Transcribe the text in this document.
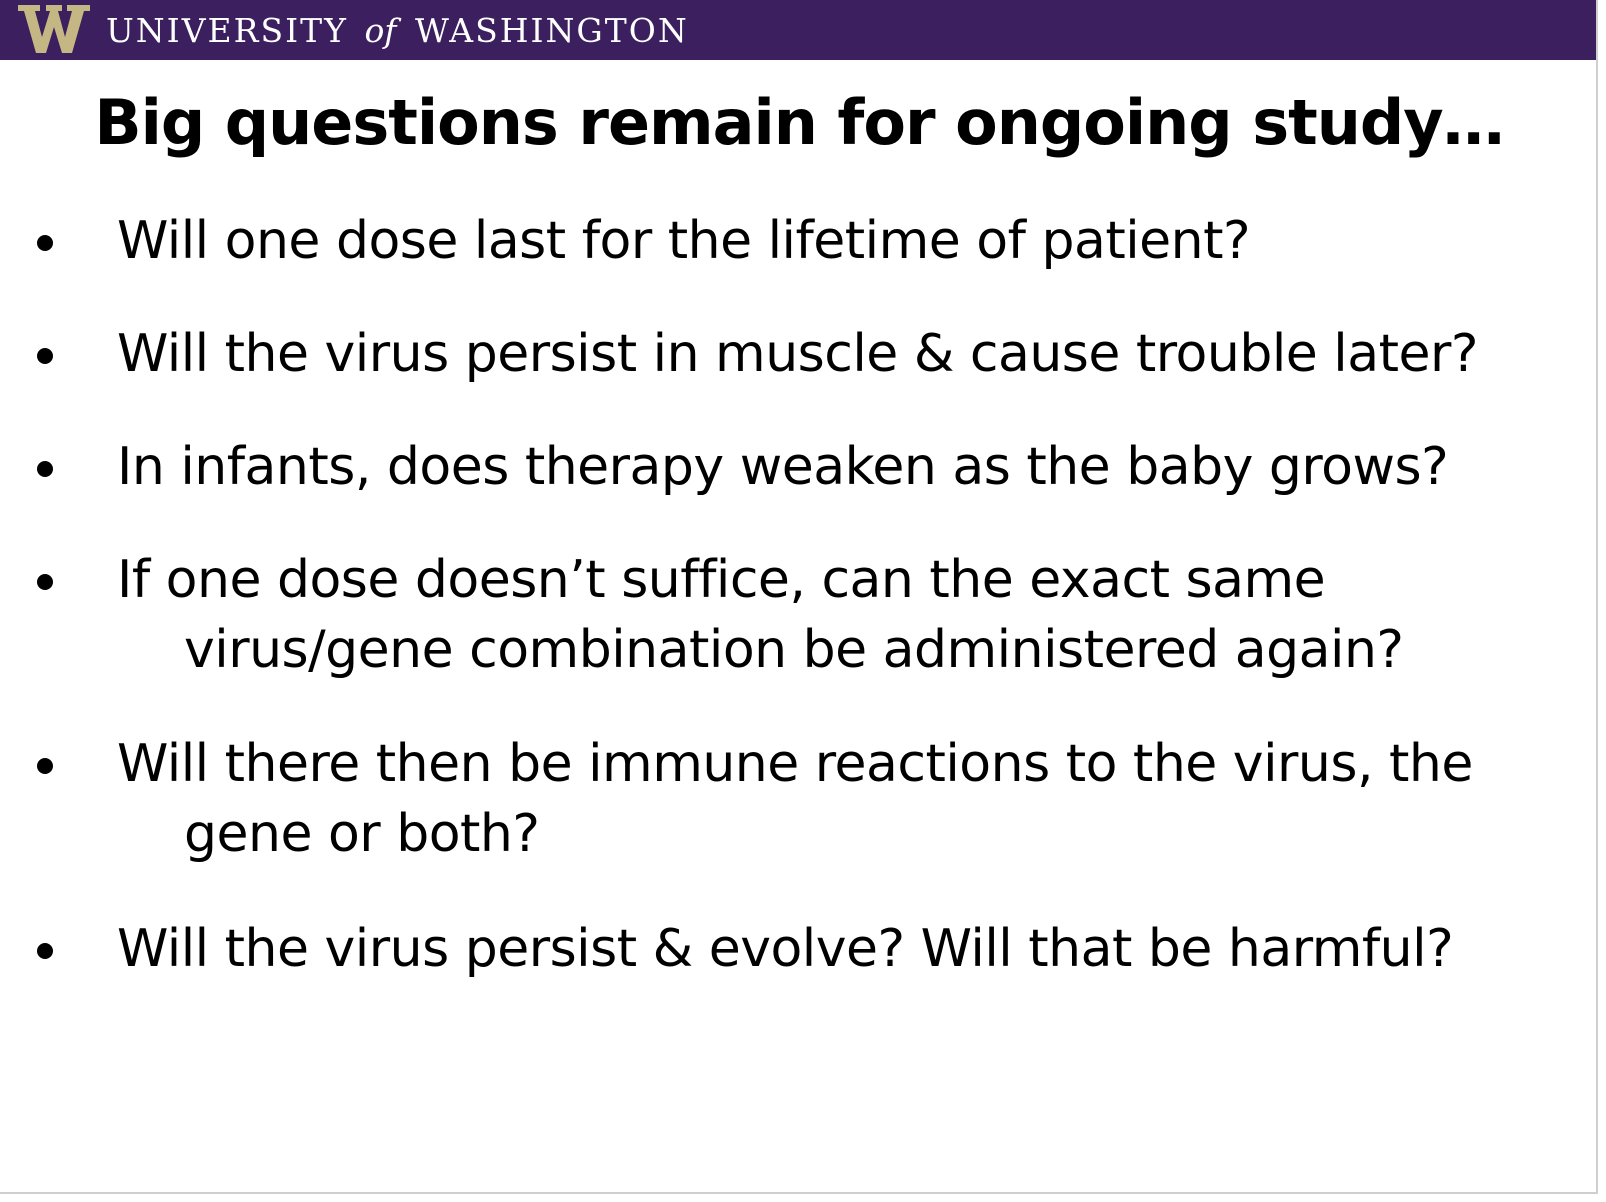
UNIVERSITY of WASHINGTON
Big questions remain for ongoing study…
Will one dose last for the lifetime of patient?
Will the virus persist in muscle & cause trouble later?
In infants, does therapy weaken as the baby grows?
If one dose doesn’t suffice, can the exact same
virus/gene combination be administered again?
Will there then be immune reactions to the virus, the
gene or both?
Will the virus persist & evolve? Will that be harmful?
